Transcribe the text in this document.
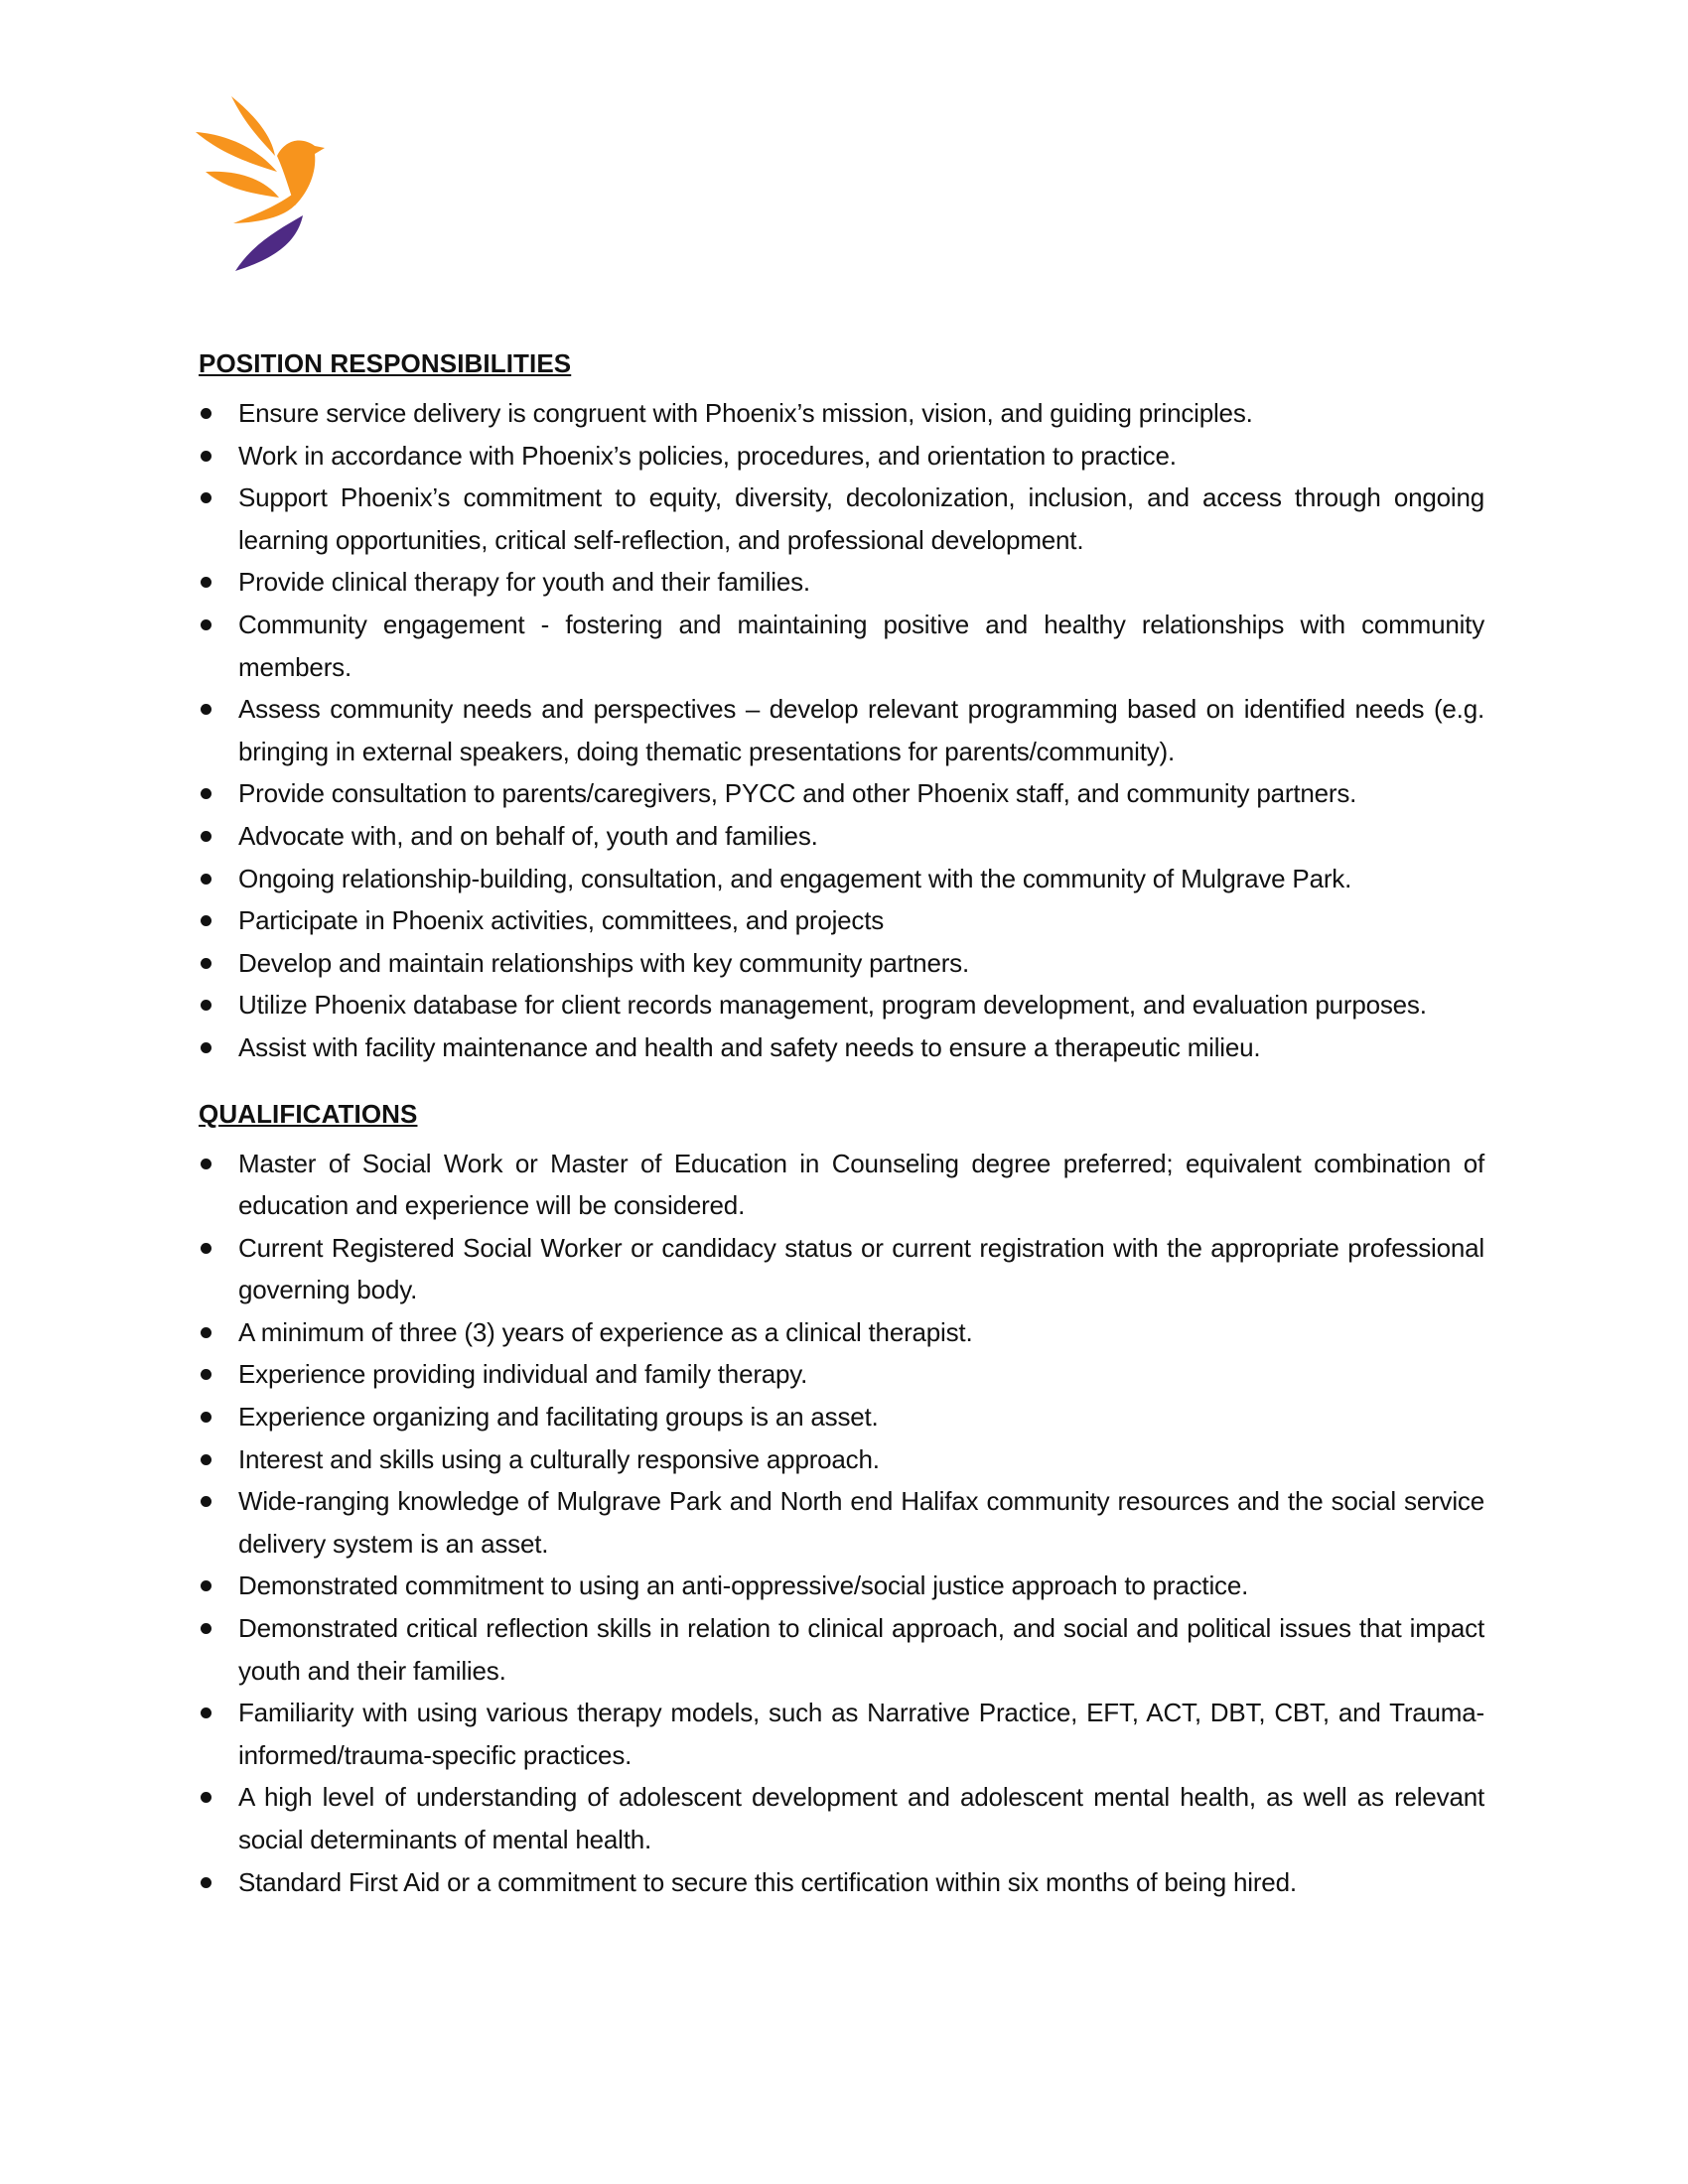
POSITION RESPONSIBILITIES
Ensure service delivery is congruent with Phoenix’s mission, vision, and guiding principles.
Work in accordance with Phoenix’s policies, procedures, and orientation to practice.
Support Phoenix’s commitment to equity, diversity, decolonization, inclusion, and access through ongoing learning opportunities, critical self-reflection, and professional development.
Provide clinical therapy for youth and their families.
Community engagement - fostering and maintaining positive and healthy relationships with community members.
Assess community needs and perspectives – develop relevant programming based on identified needs (e.g. bringing in external speakers, doing thematic presentations for parents/community).
Provide consultation to parents/caregivers, PYCC and other Phoenix staff, and community partners.
Advocate with, and on behalf of, youth and families.
Ongoing relationship-building, consultation, and engagement with the community of Mulgrave Park.
Participate in Phoenix activities, committees, and projects
Develop and maintain relationships with key community partners.
Utilize Phoenix database for client records management, program development, and evaluation purposes.
Assist with facility maintenance and health and safety needs to ensure a therapeutic milieu.
QUALIFICATIONS
Master of Social Work or Master of Education in Counseling degree preferred; equivalent combination of education and experience will be considered.
Current Registered Social Worker or candidacy status or current registration with the appropriate professional governing body.
A minimum of three (3) years of experience as a clinical therapist.
Experience providing individual and family therapy.
Experience organizing and facilitating groups is an asset.
Interest and skills using a culturally responsive approach.
Wide-ranging knowledge of Mulgrave Park and North end Halifax community resources and the social service delivery system is an asset.
Demonstrated commitment to using an anti-oppressive/social justice approach to practice.
Demonstrated critical reflection skills in relation to clinical approach, and social and political issues that impact youth and their families.
Familiarity with using various therapy models, such as Narrative Practice, EFT, ACT, DBT, CBT, and Trauma-informed/trauma-specific practices.
A high level of understanding of adolescent development and adolescent mental health, as well as relevant social determinants of mental health.
Standard First Aid or a commitment to secure this certification within six months of being hired.
